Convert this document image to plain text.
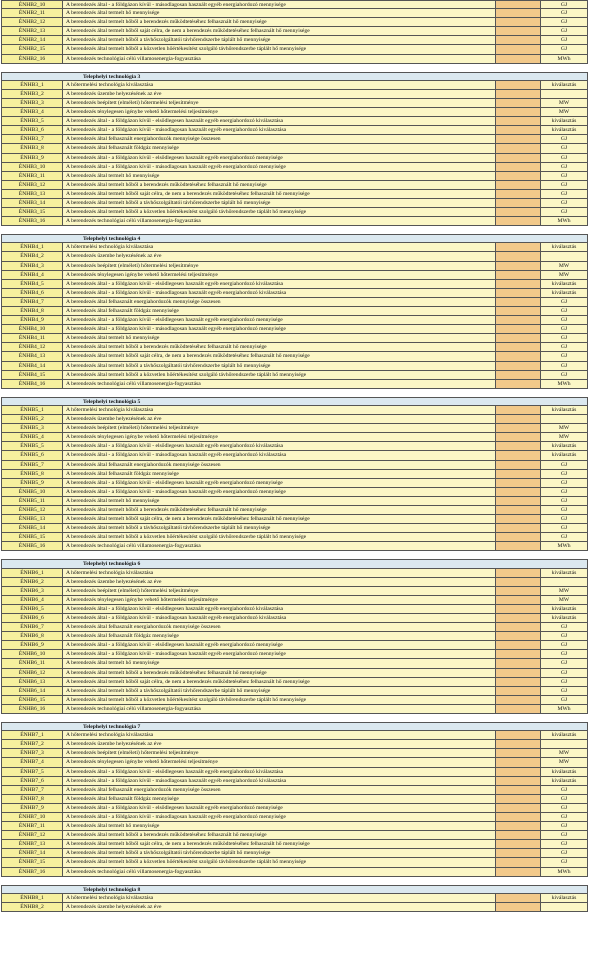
ÉNHB2_10	A berendezés által - a földgázon kívül - másodlagosan használt egyéb energiahordozó mennyisége	GJ
ÉNHB2_11	A berendezés által termelt hő mennyisége	GJ
ÉNHB2_12	A berendezés által termelt hőből a berendezés működtetéséhez felhasznált hő mennyisége	GJ
ÉNHB2_13	A berendezés által termelt hőből saját célra, de nem a berendezés működtetéséhez felhasznált hő mennyisége	GJ
ÉNHB2_14	A berendezés által termelt hőből a távhőszolgáltatói távhőrendszerbe táplált hő mennyisége	GJ
ÉNHB2_15	A berendezés által termelt hőből a közvetlen hőértékesítést szolgáló távhőrendszerbe táplált hő mennyisége	GJ
ÉNHB2_16	A berendezés technológiai célú villamosenergia-fogyasztása	MWh
Telephelyi technológia 3
ÉNHB3_1	A hőtermelési technológia kiválasztása	kiválasztás
ÉNHB3_2	A berendezés üzembe helyezésének az éve
ÉNHB3_3	A berendezés beépített (elméleti) hőtermelési teljesítménye	MW
ÉNHB3_4	A berendezés ténylegesen igénybe vehető hőtermelési teljesítménye	MW
ÉNHB3_5	A berendezés által - a földgázon kívül - elsődlegesen használt egyéb energiahordozó kiválasztása	kiválasztás
ÉNHB3_6	A berendezés által - a földgázon kívül - másodlagosan használt egyéb energiahordozó kiválasztása	kiválasztás
ÉNHB3_7	A berendezés által felhasznált energiahordozók mennyisége összesen	GJ
ÉNHB3_8	A berendezés által felhasznált földgáz mennyisége	GJ
ÉNHB3_9	A berendezés által - a földgázon kívül - elsődlegesen használt egyéb energiahordozó mennyisége	GJ
ÉNHB3_10	A berendezés által - a földgázon kívül - másodlagosan használt egyéb energiahordozó mennyisége	GJ
ÉNHB3_11	A berendezés által termelt hő mennyisége	GJ
ÉNHB3_12	A berendezés által termelt hőből a berendezés működtetéséhez felhasznált hő mennyisége	GJ
ÉNHB3_13	A berendezés által termelt hőből saját célra, de nem a berendezés működtetéséhez felhasznált hő mennyisége	GJ
ÉNHB3_14	A berendezés által termelt hőből a távhőszolgáltatói távhőrendszerbe táplált hő mennyisége	GJ
ÉNHB3_15	A berendezés által termelt hőből a közvetlen hőértékesítést szolgáló távhőrendszerbe táplált hő mennyisége	GJ
ÉNHB3_16	A berendezés technológiai célú villamosenergia-fogyasztása	MWh
Telephelyi technológia 4
ÉNHB4_1	A hőtermelési technológia kiválasztása	kiválasztás
ÉNHB4_2	A berendezés üzembe helyezésének az éve
ÉNHB4_3	A berendezés beépített (elméleti) hőtermelési teljesítménye	MW
ÉNHB4_4	A berendezés ténylegesen igénybe vehető hőtermelési teljesítménye	MW
ÉNHB4_5	A berendezés által - a földgázon kívül - elsődlegesen használt egyéb energiahordozó kiválasztása	kiválasztás
ÉNHB4_6	A berendezés által - a földgázon kívül - másodlagosan használt egyéb energiahordozó kiválasztása	kiválasztás
ÉNHB4_7	A berendezés által felhasznált energiahordozók mennyisége összesen	GJ
ÉNHB4_8	A berendezés által felhasznált földgáz mennyisége	GJ
ÉNHB4_9	A berendezés által - a földgázon kívül - elsődlegesen használt egyéb energiahordozó mennyisége	GJ
ÉNHB4_10	A berendezés által - a földgázon kívül - másodlagosan használt egyéb energiahordozó mennyisége	GJ
ÉNHB4_11	A berendezés által termelt hő mennyisége	GJ
ÉNHB4_12	A berendezés által termelt hőből a berendezés működtetéséhez felhasznált hő mennyisége	GJ
ÉNHB4_13	A berendezés által termelt hőből saját célra, de nem a berendezés működtetéséhez felhasznált hő mennyisége	GJ
ÉNHB4_14	A berendezés által termelt hőből a távhőszolgáltatói távhőrendszerbe táplált hő mennyisége	GJ
ÉNHB4_15	A berendezés által termelt hőből a közvetlen hőértékesítést szolgáló távhőrendszerbe táplált hő mennyisége	GJ
ÉNHB4_16	A berendezés technológiai célú villamosenergia-fogyasztása	MWh
Telephelyi technológia 5
ÉNHB5_1	A hőtermelési technológia kiválasztása	kiválasztás
ÉNHB5_2	A berendezés üzembe helyezésének az éve
ÉNHB5_3	A berendezés beépített (elméleti) hőtermelési teljesítménye	MW
ÉNHB5_4	A berendezés ténylegesen igénybe vehető hőtermelési teljesítménye	MW
ÉNHB5_5	A berendezés által - a földgázon kívül - elsődlegesen használt egyéb energiahordozó kiválasztása	kiválasztás
ÉNHB5_6	A berendezés által - a földgázon kívül - másodlagosan használt egyéb energiahordozó kiválasztása	kiválasztás
ÉNHB5_7	A berendezés által felhasznált energiahordozók mennyisége összesen	GJ
ÉNHB5_8	A berendezés által felhasznált földgáz mennyisége	GJ
ÉNHB5_9	A berendezés által - a földgázon kívül - elsődlegesen használt egyéb energiahordozó mennyisége	GJ
ÉNHB5_10	A berendezés által - a földgázon kívül - másodlagosan használt egyéb energiahordozó mennyisége	GJ
ÉNHB5_11	A berendezés által termelt hő mennyisége	GJ
ÉNHB5_12	A berendezés által termelt hőből a berendezés működtetéséhez felhasznált hő mennyisége	GJ
ÉNHB5_13	A berendezés által termelt hőből saját célra, de nem a berendezés működtetéséhez felhasznált hő mennyisége	GJ
ÉNHB5_14	A berendezés által termelt hőből a távhőszolgáltatói távhőrendszerbe táplált hő mennyisége	GJ
ÉNHB5_15	A berendezés által termelt hőből a közvetlen hőértékesítést szolgáló távhőrendszerbe táplált hő mennyisége	GJ
ÉNHB5_16	A berendezés technológiai célú villamosenergia-fogyasztása	MWh
Telephelyi technológia 6
ÉNHB6_1	A hőtermelési technológia kiválasztása	kiválasztás
ÉNHB6_2	A berendezés üzembe helyezésének az éve
ÉNHB6_3	A berendezés beépített (elméleti) hőtermelési teljesítménye	MW
ÉNHB6_4	A berendezés ténylegesen igénybe vehető hőtermelési teljesítménye	MW
ÉNHB6_5	A berendezés által - a földgázon kívül - elsődlegesen használt egyéb energiahordozó kiválasztása	kiválasztás
ÉNHB6_6	A berendezés által - a földgázon kívül - másodlagosan használt egyéb energiahordozó kiválasztása	kiválasztás
ÉNHB6_7	A berendezés által felhasznált energiahordozók mennyisége összesen	GJ
ÉNHB6_8	A berendezés által felhasznált földgáz mennyisége	GJ
ÉNHB6_9	A berendezés által - a földgázon kívül - elsődlegesen használt egyéb energiahordozó mennyisége	GJ
ÉNHB6_10	A berendezés által - a földgázon kívül - másodlagosan használt egyéb energiahordozó mennyisége	GJ
ÉNHB6_11	A berendezés által termelt hő mennyisége	GJ
ÉNHB6_12	A berendezés által termelt hőből a berendezés működtetéséhez felhasznált hő mennyisége	GJ
ÉNHB6_13	A berendezés által termelt hőből saját célra, de nem a berendezés működtetéséhez felhasznált hő mennyisége	GJ
ÉNHB6_14	A berendezés által termelt hőből a távhőszolgáltatói távhőrendszerbe táplált hő mennyisége	GJ
ÉNHB6_15	A berendezés által termelt hőből a közvetlen hőértékesítést szolgáló távhőrendszerbe táplált hő mennyisége	GJ
ÉNHB6_16	A berendezés technológiai célú villamosenergia-fogyasztása	MWh
Telephelyi technológia 7
ÉNHB7_1	A hőtermelési technológia kiválasztása	kiválasztás
ÉNHB7_2	A berendezés üzembe helyezésének az éve
ÉNHB7_3	A berendezés beépített (elméleti) hőtermelési teljesítménye	MW
ÉNHB7_4	A berendezés ténylegesen igénybe vehető hőtermelési teljesítménye	MW
ÉNHB7_5	A berendezés által - a földgázon kívül - elsődlegesen használt egyéb energiahordozó kiválasztása	kiválasztás
ÉNHB7_6	A berendezés által - a földgázon kívül - másodlagosan használt egyéb energiahordozó kiválasztása	kiválasztás
ÉNHB7_7	A berendezés által felhasznált energiahordozók mennyisége összesen	GJ
ÉNHB7_8	A berendezés által felhasznált földgáz mennyisége	GJ
ÉNHB7_9	A berendezés által - a földgázon kívül - elsődlegesen használt egyéb energiahordozó mennyisége	GJ
ÉNHB7_10	A berendezés által - a földgázon kívül - másodlagosan használt egyéb energiahordozó mennyisége	GJ
ÉNHB7_11	A berendezés által termelt hő mennyisége	GJ
ÉNHB7_12	A berendezés által termelt hőből a berendezés működtetéséhez felhasznált hő mennyisége	GJ
ÉNHB7_13	A berendezés által termelt hőből saját célra, de nem a berendezés működtetéséhez felhasznált hő mennyisége	GJ
ÉNHB7_14	A berendezés által termelt hőből a távhőszolgáltatói távhőrendszerbe táplált hő mennyisége	GJ
ÉNHB7_15	A berendezés által termelt hőből a közvetlen hőértékesítést szolgáló távhőrendszerbe táplált hő mennyisége	GJ
ÉNHB7_16	A berendezés technológiai célú villamosenergia-fogyasztása	MWh
Telephelyi technológia 8
ÉNHB8_1	A hőtermelési technológia kiválasztása	kiválasztás
ÉNHB8_2	A berendezés üzembe helyezésének az éve
